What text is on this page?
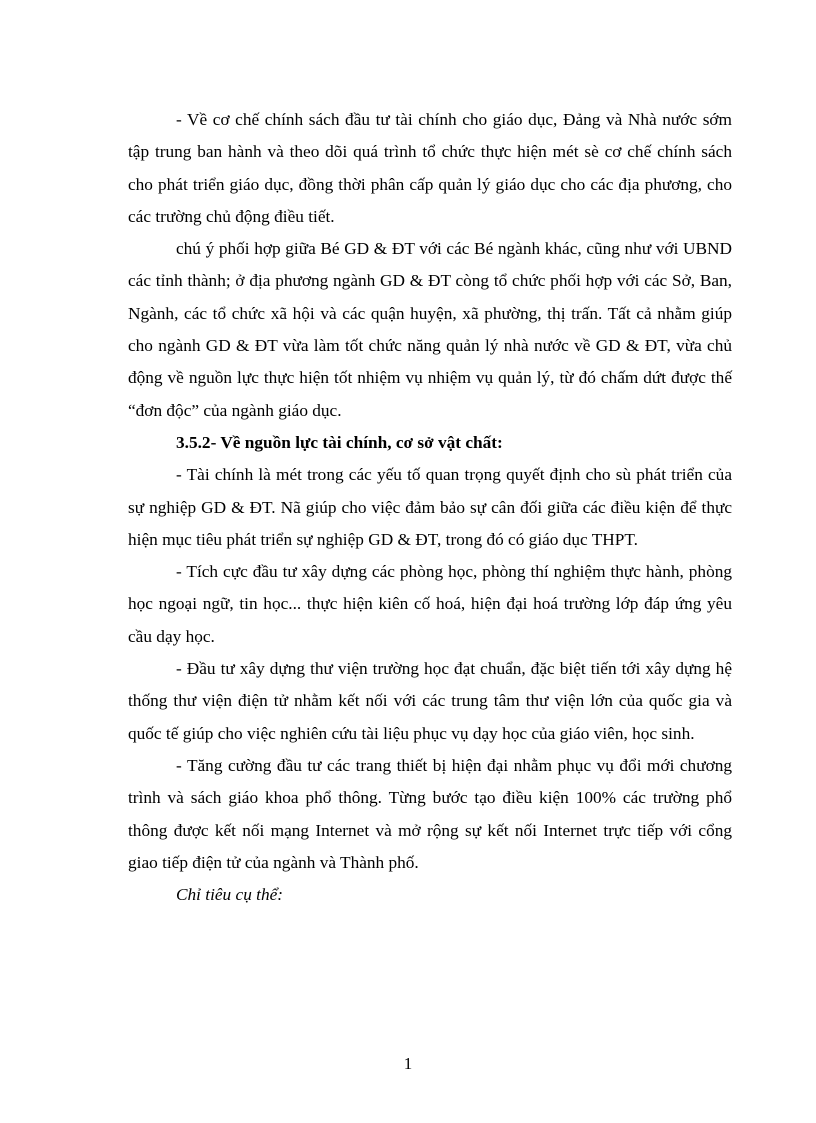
- Về cơ chế chính sách đầu tư tài chính cho giáo dục, Đảng và Nhà nước sớm tập trung ban hành và theo dõi quá trình tổ chức thực hiện mét sè cơ chế chính sách cho phát triển giáo dục, đồng thời phân cấp quản lý giáo dục cho các địa phương, cho các trường chủ động điều tiết.

chú ý phối hợp giữa Bé GD & ĐT với các Bé ngành khác, cũng như với UBND các tỉnh thành; ở địa phương ngành GD & ĐT còng tổ chức phối hợp với các Sở, Ban, Ngành, các tổ chức xã hội và các quận huyện, xã phường, thị trấn. Tất cả nhằm giúp cho ngành GD & ĐT vừa làm tốt chức năng quản lý nhà nước về GD & ĐT, vừa chủ động về nguồn lực thực hiện tốt nhiệm vụ nhiệm vụ quản lý, từ đó chấm dứt được thế “đơn độc” của ngành giáo dục.

3.5.2- Về nguồn lực tài chính, cơ sở vật chất:

- Tài chính là mét trong các yếu tố quan trọng quyết định cho sù phát triển của sự nghiệp GD & ĐT. Nã giúp cho việc đảm bảo sự cân đối giữa các điều kiện để thực hiện mục tiêu phát triển sự nghiệp GD & ĐT, trong đó có giáo dục THPT.

- Tích cực đầu tư xây dựng các phòng học, phòng thí nghiệm thực hành, phòng học ngoại ngữ, tin học... thực hiện kiên cố hoá, hiện đại hoá trường lớp đáp ứng yêu cầu dạy học.

- Đầu tư xây dựng thư viện trường học đạt chuẩn, đặc biệt tiến tới xây dựng hệ thống thư viện điện tử nhằm kết nối với các trung tâm thư viện lớn của quốc gia và quốc tế giúp cho việc nghiên cứu tài liệu phục vụ dạy học của giáo viên, học sinh.

- Tăng cường đầu tư các trang thiết bị hiện đại nhằm phục vụ đổi mới chương trình và sách giáo khoa phổ thông. Từng bước tạo điều kiện 100% các trường phổ thông được kết nối mạng Internet và mở rộng sự kết nối Internet trực tiếp với cổng giao tiếp điện tử của ngành và Thành phố.

Chỉ tiêu cụ thể:

1
